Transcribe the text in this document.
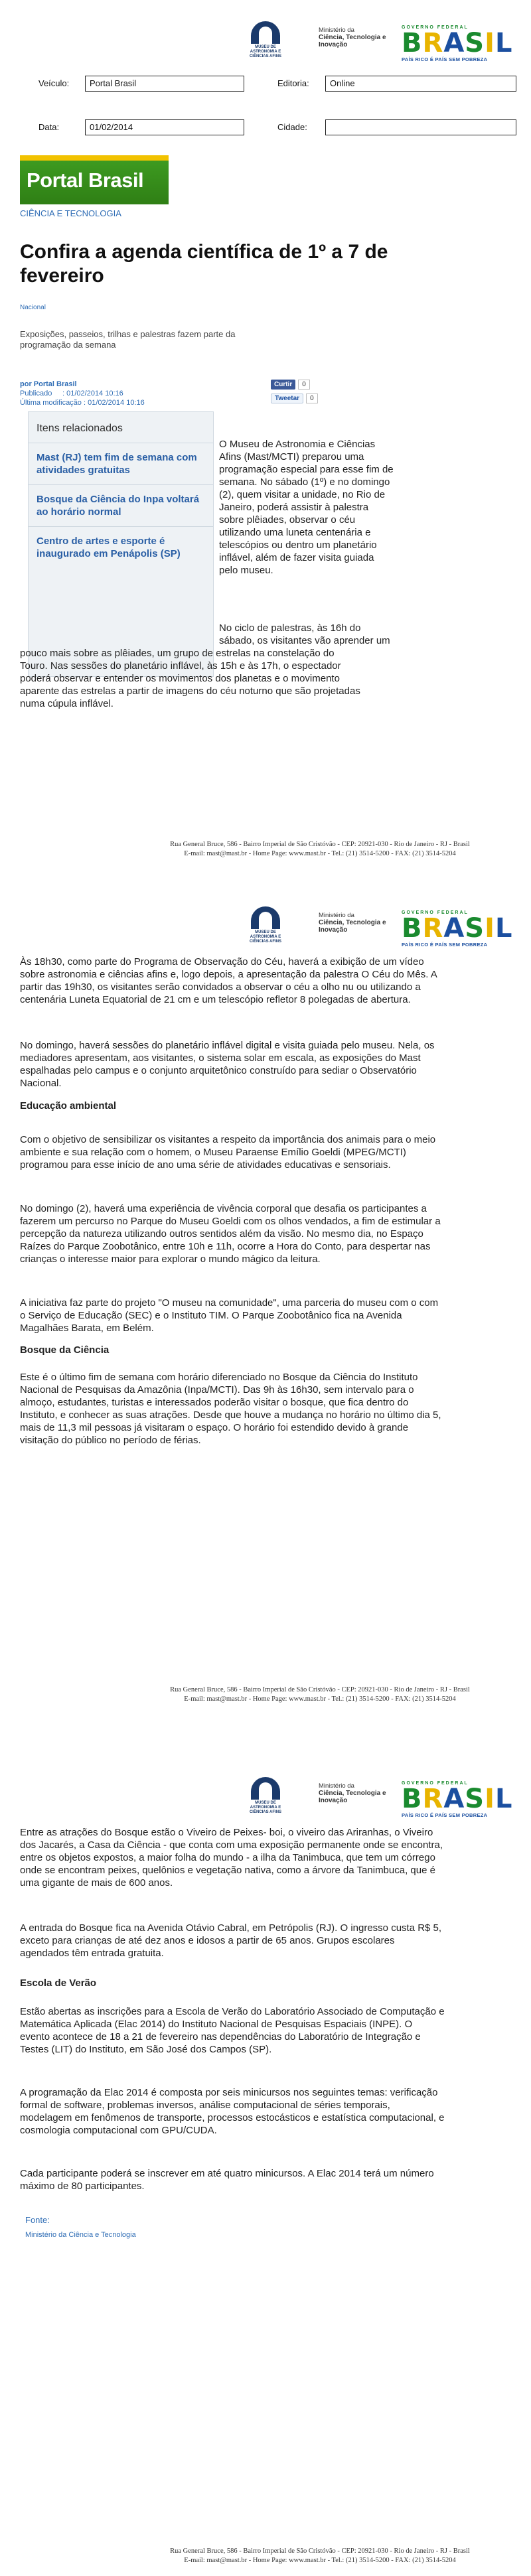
MUSEU DE ASTRONOMIA E CIÊNCIAS AFINS
Ministério da
Ciência, Tecnologia e Inovação
GOVERNO FEDERAL
BRASIL
PAÍS RICO É PAÍS SEM POBREZA
Veículo:	Portal Brasil	Editoria:	Online
Data:	01/02/2014	Cidade:
Portal Brasil
CIÊNCIA E TECNOLOGIA
Confira a agenda científica de 1º a 7 de fevereiro
Nacional
Exposições, passeios, trilhas e palestras fazem parte da programação da semana
por Portal Brasil
Publicado : 01/02/2014 10:16
Última modificação : 01/02/2014 10:16
Curtir	0
Tweetar	0
Itens relacionados
Mast (RJ) tem fim de semana com atividades gratuitas
Bosque da Ciência do Inpa voltará ao horário normal
Centro de artes e esporte é inaugurado em Penápolis (SP)
O Museu de Astronomia e Ciências
Afins (Mast/MCTI) preparou uma
programação especial para esse fim de
semana. No sábado (1º) e no domingo
(2), quem visitar a unidade, no Rio de
Janeiro, poderá assistir à palestra
sobre plêiades, observar o céu
utilizando uma luneta centenária e
telescópios ou dentro um planetário
inflável, além de fazer visita guiada
pelo museu.
No ciclo de palestras, às 16h do
sábado, os visitantes vão aprender um
pouco mais sobre as plêiades, um grupo de estrelas na constelação do
Touro. Nas sessões do planetário inflável, às 15h e às 17h, o espectador
poderá observar e entender os movimentos dos planetas e o movimento
aparente das estrelas a partir de imagens do céu noturno que são projetadas
numa cúpula inflável.
Rua General Bruce, 586 - Bairro Imperial de São Cristóvão - CEP: 20921-030 - Rio de Janeiro - RJ - Brasil
E-mail: mast@mast.br - Home Page: www.mast.br - Tel.: (21) 3514-5200 - FAX: (21) 3514-5204
MUSEU DE ASTRONOMIA E CIÊNCIAS AFINS
Ministério da
Ciência, Tecnologia e Inovação
GOVERNO FEDERAL
BRASIL
PAÍS RICO É PAÍS SEM POBREZA

Às 18h30, como parte do Programa de Observação do Céu, haverá a exibição de um vídeo sobre astronomia e ciências afins e, logo depois, a apresentação da palestra O Céu do Mês. A partir das 19h30, os visitantes serão convidados a observar o céu a olho nu ou utilizando a centenária Luneta Equatorial de 21 cm e um telescópio refletor 8 polegadas de abertura.

No domingo, haverá sessões do planetário inflável digital e visita guiada pelo museu. Nela, os mediadores apresentam, aos visitantes, o sistema solar em escala, as exposições do Mast espalhadas pelo campus e o conjunto arquitetônico construído para sediar o Observatório Nacional.

Educação ambiental

Com o objetivo de sensibilizar os visitantes a respeito da importância dos animais para o meio ambiente e sua relação com o homem, o Museu Paraense Emílio Goeldi (MPEG/MCTI) programou para esse início de ano uma série de atividades educativas e sensoriais.

No domingo (2), haverá uma experiência de vivência corporal que desafia os participantes a fazerem um percurso no Parque do Museu Goeldi com os olhos vendados, a fim de estimular a percepção da natureza utilizando outros sentidos além da visão. No mesmo dia, no Espaço Raízes do Parque Zoobotânico, entre 10h e 11h, ocorre a Hora do Conto, para despertar nas crianças o interesse maior para explorar o mundo mágico da leitura.

A iniciativa faz parte do projeto "O museu na comunidade", uma parceria do museu com o com o Serviço de Educação (SEC) e o Instituto TIM. O Parque Zoobotânico fica na Avenida Magalhães Barata, em Belém.

Bosque da Ciência

Este é o último fim de semana com horário diferenciado no Bosque da Ciência do Instituto Nacional de Pesquisas da Amazônia (Inpa/MCTI). Das 9h às 16h30, sem intervalo para o almoço, estudantes, turistas e interessados poderão visitar o bosque, que fica dentro do Instituto, e conhecer as suas atrações. Desde que houve a mudança no horário no último dia 5, mais de 11,3 mil pessoas já visitaram o espaço. O horário foi estendido devido à grande visitação do público no período de férias.

Rua General Bruce, 586 - Bairro Imperial de São Cristóvão - CEP: 20921-030 - Rio de Janeiro - RJ - Brasil
E-mail: mast@mast.br - Home Page: www.mast.br - Tel.: (21) 3514-5200 - FAX: (21) 3514-5204
MUSEU DE ASTRONOMIA E CIÊNCIAS AFINS
Ministério da
Ciência, Tecnologia e Inovação
GOVERNO FEDERAL
BRASIL
PAÍS RICO É PAÍS SEM POBREZA

Entre as atrações do Bosque estão o Viveiro de Peixes- boi, o viveiro das Ariranhas, o Viveiro dos Jacarés, a Casa da Ciência - que conta com uma exposição permanente onde se encontra, entre os objetos expostos, a maior folha do mundo - a ilha da Tanimbuca, que tem um córrego onde se encontram peixes, quelônios e vegetação nativa, como a árvore da Tanimbuca, que é uma gigante de mais de 600 anos.

A entrada do Bosque fica na Avenida Otávio Cabral, em Petrópolis (RJ). O ingresso custa R$ 5, exceto para crianças de até dez anos e idosos a partir de 65 anos. Grupos escolares agendados têm entrada gratuita.

Escola de Verão

Estão abertas as inscrições para a Escola de Verão do Laboratório Associado de Computação e Matemática Aplicada (Elac 2014) do Instituto Nacional de Pesquisas Espaciais (INPE). O evento acontece de 18 a 21 de fevereiro nas dependências do Laboratório de Integração e Testes (LIT) do Instituto, em São José dos Campos (SP).

A programação da Elac 2014 é composta por seis minicursos nos seguintes temas: verificação formal de software, problemas inversos, análise computacional de séries temporais, modelagem em fenômenos de transporte, processos estocásticos e estatística computacional, e cosmologia computacional com GPU/CUDA.

Cada participante poderá se inscrever em até quatro minicursos. A Elac 2014 terá um número máximo de 80 participantes.

Fonte:
Ministério da Ciência e Tecnologia
Rua General Bruce, 586 - Bairro Imperial de São Cristóvão - CEP: 20921-030 - Rio de Janeiro - RJ - Brasil
E-mail: mast@mast.br - Home Page: www.mast.br - Tel.: (21) 3514-5200 - FAX: (21) 3514-5204
